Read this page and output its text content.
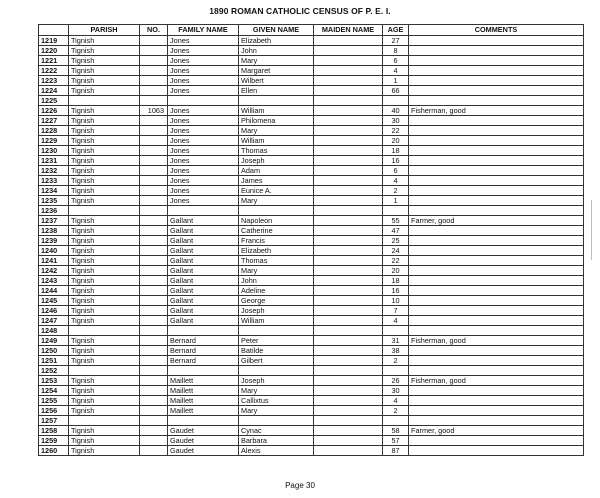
1890 ROMAN CATHOLIC CENSUS OF P. E. I.
	PARISH	NO.	FAMILY NAME	GIVEN NAME	MAIDEN NAME	AGE	COMMENTS
1219	Tignish		Jones	Elizabeth		27	
1220	Tignish		Jones	John		8	
1221	Tignish		Jones	Mary		6	
1222	Tignish		Jones	Margaret		4	
1223	Tignish		Jones	Wilbert		1	
1224	Tignish		Jones	Ellen		66	
1225							
1226	Tignish	1063	Jones	William		40	Fisherman, good
1227	Tignish		Jones	Philomena		30	
1228	Tignish		Jones	Mary		22	
1229	Tignish		Jones	William		20	
1230	Tignish		Jones	Thomas		18	
1231	Tignish		Jones	Joseph		16	
1232	Tignish		Jones	Adam		6	
1233	Tignish		Jones	James		4	
1234	Tignish		Jones	Eunice A.		2	
1235	Tignish		Jones	Mary		1	
1236							
1237	Tignish		Gallant	Napoleon		55	Farmer, good
1238	Tignish		Gallant	Catherine		47	
1239	Tignish		Gallant	Francis		25	
1240	Tignish		Gallant	Elizabeth		24	
1241	Tignish		Gallant	Thomas		22	
1242	Tignish		Gallant	Mary		20	
1243	Tignish		Gallant	John		18	
1244	Tignish		Gallant	Adeline		16	
1245	Tignish		Gallant	George		10	
1246	Tignish		Gallant	Joseph		7	
1247	Tignish		Gallant	William		4	
1248							
1249	Tignish		Bernard	Peter		31	Fisherman, good
1250	Tignish		Bernard	Batilde		38	
1251	Tignish		Bernard	Gilbert		2	
1252							
1253	Tignish		Maillett	Joseph		26	Fisherman, good
1254	Tignish		Maillett	Mary		30	
1255	Tignish		Maillett	Callixtus		4	
1256	Tignish		Maillett	Mary		2	
1257							
1258	Tignish		Gaudet	Cynac		58	Farmer, good
1259	Tignish		Gaudet	Barbara		57	
1260	Tignish		Gaudet	Alexis		87	
Page 30
